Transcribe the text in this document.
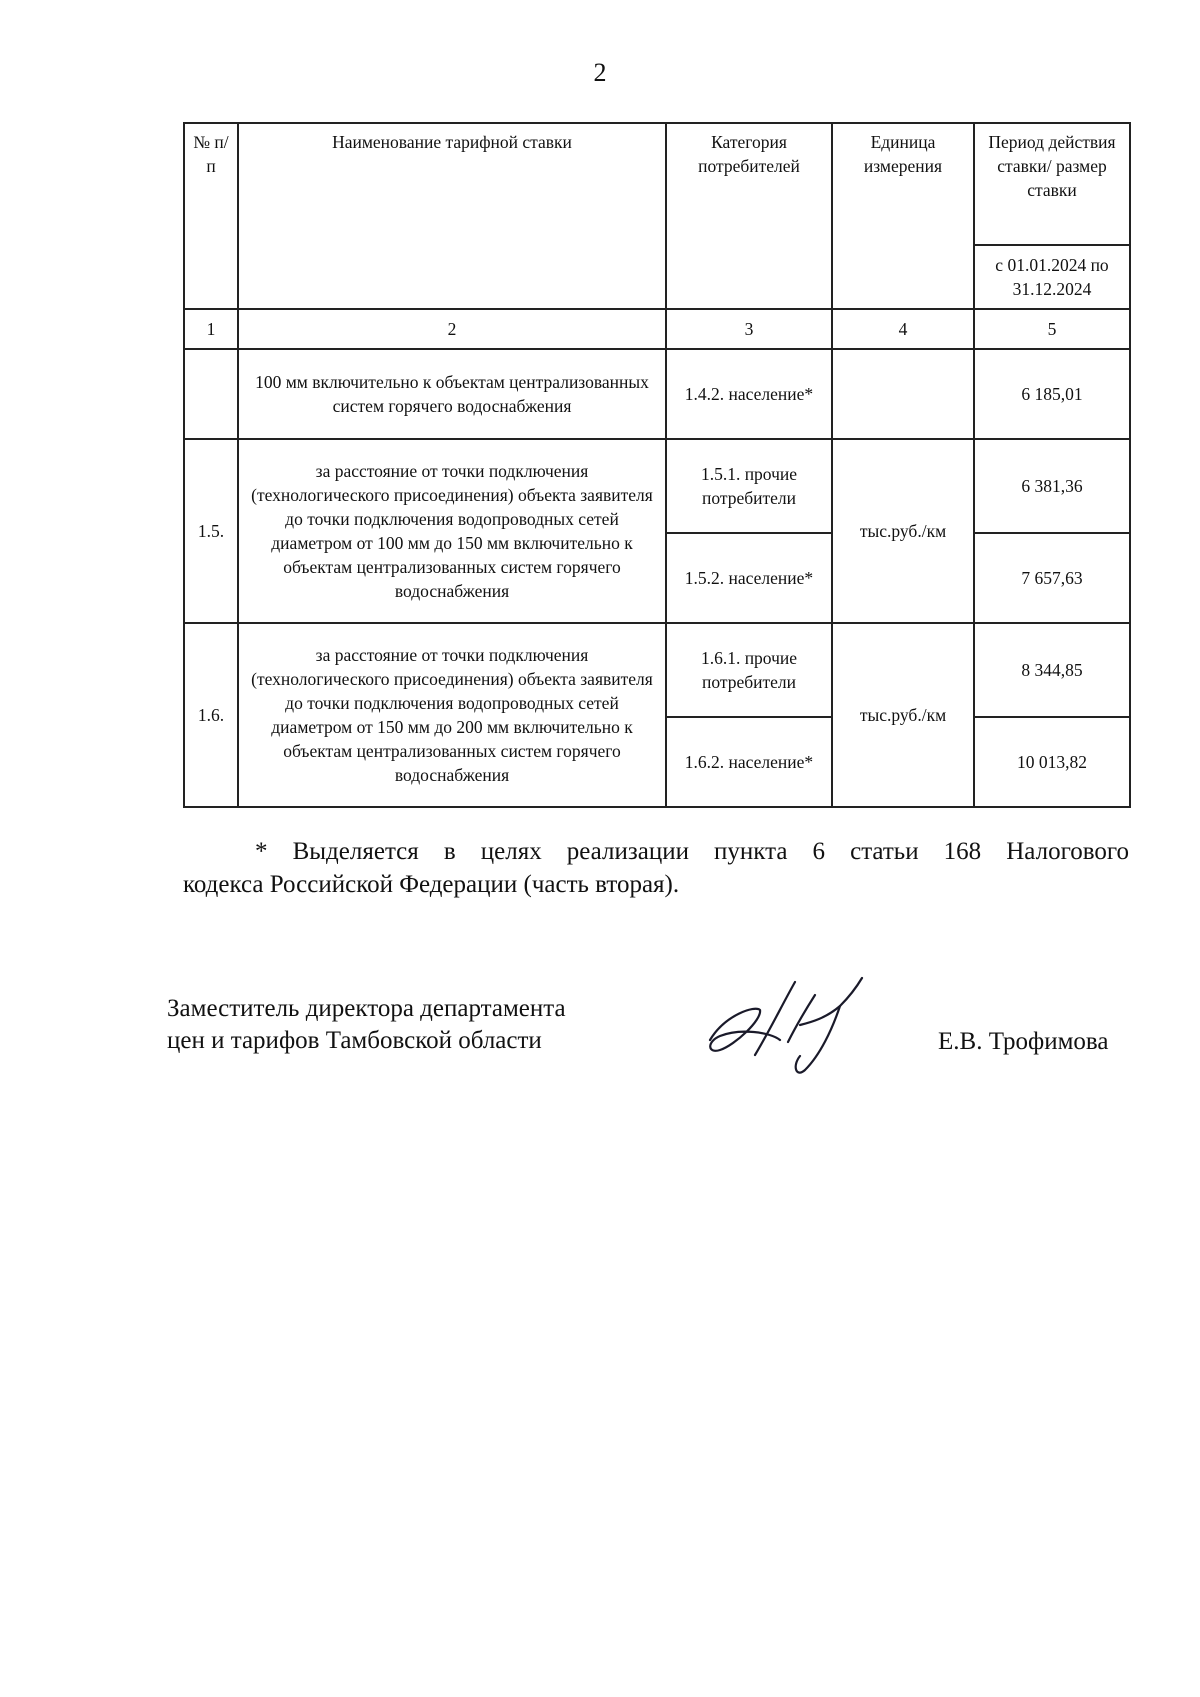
2
№ п/п	Наименование тарифной ставки	Категория потребителей	Единица измерения	Период действия ставки/ размер ставки
				с 01.01.2024 по 31.12.2024
1	2	3	4	5
	100 мм включительно к объектам централизованных систем горячего водоснабжения	1.4.2. население*		6 185,01
1.5.	за расстояние от точки подключения (технологического присоединения) объекта заявителя до точки подключения водопроводных сетей диаметром от 100 мм до 150 мм включительно к объектам централизованных систем горячего водоснабжения	1.5.1. прочие потребители	тыс.руб./км	6 381,36
		1.5.2. население*		7 657,63
1.6.	за расстояние от точки подключения (технологического присоединения) объекта заявителя до точки подключения водопроводных сетей диаметром от 150 мм до 200 мм включительно к объектам централизованных систем горячего водоснабжения	1.6.1. прочие потребители	тыс.руб./км	8 344,85
		1.6.2. население*		10 013,82
* Выделяется в целях реализации пункта 6 статьи 168 Налогового
кодекса Российской Федерации (часть вторая).
Заместитель директора департамента
цен и тарифов Тамбовской области	Е.В. Трофимова
